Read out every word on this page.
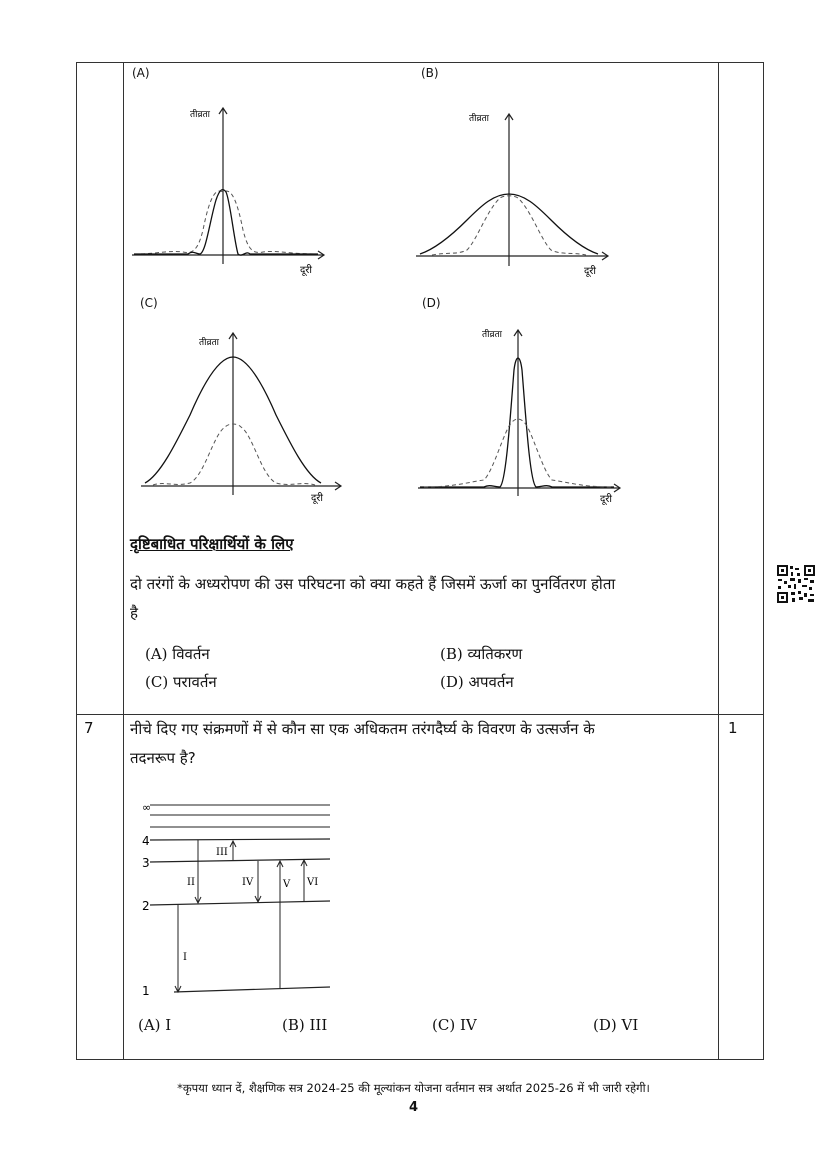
(A)	(B)
(C)	(D)
तीव्रता
दूरी
तीव्रता
दूरी
तीव्रता
दूरी
तीव्रता
दूरी
दृष्टिबाधित परिक्षार्थियों के लिए
दो तरंगों के अध्यरोपण की उस परिघटना को क्या कहते हैं जिसमें ऊर्जा का पुनर्वितरण होता
है
(A) विवर्तन	(B) व्यतिकरण
(C) परावर्तन	(D) अपवर्तन
7	1
नीचे दिए गए संक्रमणों में से कौन सा एक अधिकतम तरंगदैर्घ्य के विवरण के उत्सर्जन के
तदनरूप है?
∞
4
3
2
1
III
II	IV	V VI
I
(A) I	(B) III	(C) IV	(D) VI
*कृपया ध्यान दें, शैक्षणिक सत्र 2024-25 की मूल्यांकन योजना वर्तमान सत्र अर्थात 2025-26 में भी जारी रहेगी।
4
